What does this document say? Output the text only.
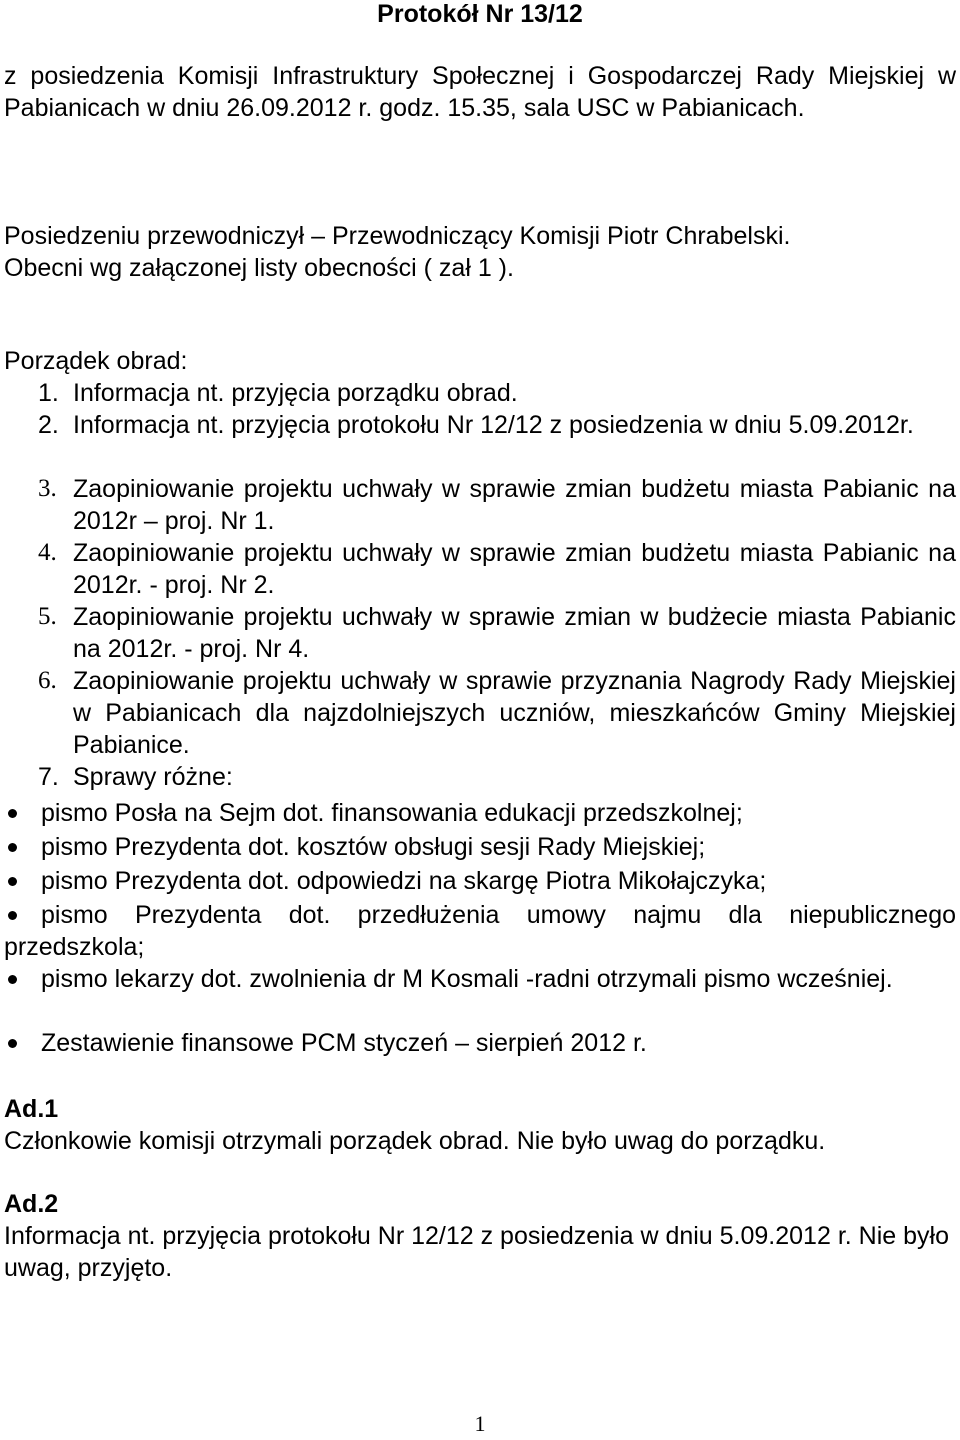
Protokół Nr 13/12
z posiedzenia Komisji Infrastruktury Społecznej i Gospodarczej Rady Miejskiej w Pabianicach w dniu 26.09.2012 r. godz. 15.35, sala USC w Pabianicach.
Posiedzeniu przewodniczył – Przewodniczący Komisji Piotr Chrabelski.
Obecni wg załączonej listy obecności ( zał 1 ).
Porządek obrad:
1. Informacja nt. przyjęcia porządku obrad.
2. Informacja nt. przyjęcia protokołu Nr 12/12 z posiedzenia w dniu 5.09.2012r.
3. Zaopiniowanie projektu uchwały w sprawie zmian budżetu miasta Pabianic na 2012r – proj. Nr 1.
4. Zaopiniowanie projektu uchwały w sprawie zmian budżetu miasta Pabianic na 2012r. - proj. Nr 2.
5. Zaopiniowanie projektu uchwały w sprawie zmian w budżecie miasta Pabianic na 2012r. - proj. Nr 4.
6. Zaopiniowanie projektu uchwały w sprawie przyznania Nagrody Rady Miejskiej w Pabianicach dla najzdolniejszych uczniów, mieszkańców Gminy Miejskiej Pabianice.
7. Sprawy różne:
pismo Posła na Sejm dot. finansowania edukacji przedszkolnej;
pismo Prezydenta dot. kosztów obsługi sesji Rady Miejskiej;
pismo Prezydenta dot. odpowiedzi na skargę Piotra Mikołajczyka;
pismo Prezydenta dot. przedłużenia umowy najmu dla niepublicznego przedszkola;
pismo lekarzy dot. zwolnienia dr M Kosmali -radni otrzymali pismo wcześniej.
Zestawienie finansowe PCM styczeń – sierpień 2012 r.
Ad.1
Członkowie komisji otrzymali porządek obrad. Nie było uwag do porządku.
Ad.2
Informacja nt. przyjęcia protokołu Nr 12/12 z posiedzenia w dniu 5.09.2012 r. Nie było uwag, przyjęto.
1
